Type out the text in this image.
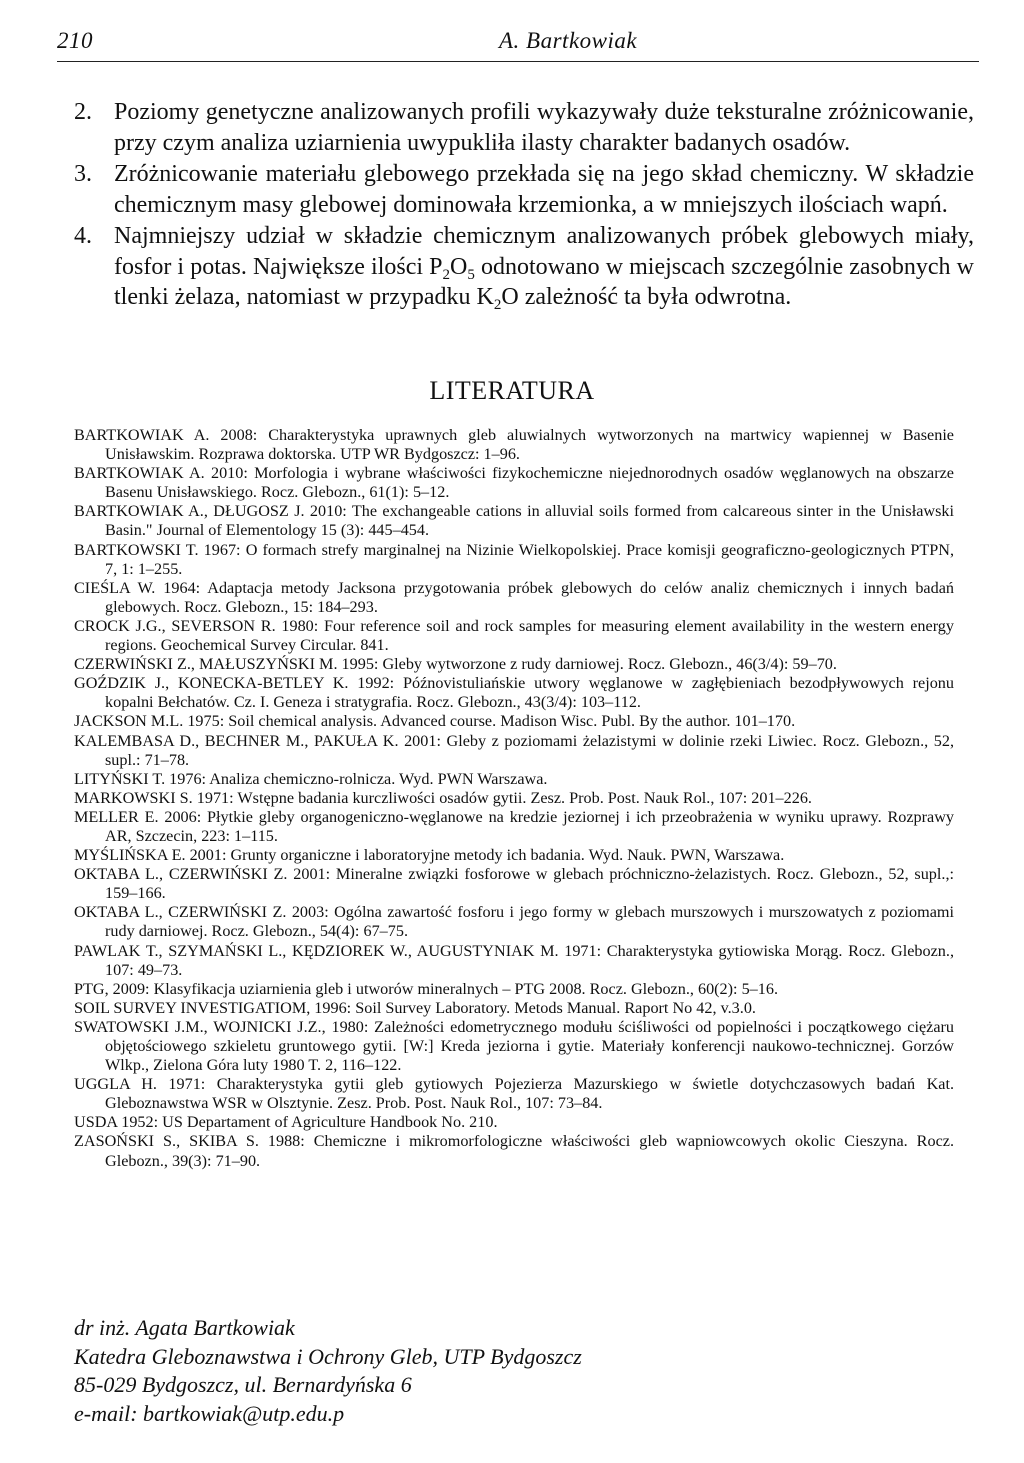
210	A. Bartkowiak
2. Poziomy genetyczne analizowanych profili wykazywały duże teksturalne zróżnicowanie, przy czym analiza uziarnienia uwypukliła ilasty charakter badanych osadów.
3. Zróżnicowanie materiału glebowego przekłada się na jego skład chemiczny. W składzie chemicznym masy glebowej dominowała krzemionka, a w mniejszych ilościach wapń.
4. Najmniejszy udział w składzie chemicznym analizowanych próbek glebowych miały, fosfor i potas. Największe ilości $P_2O_5$ odnotowano w miejscach szczególnie zasobnych w tlenki żelaza, natomiast w przypadku $K_2O$ zależność ta była odwrotna.
LITERATURA
BARTKOWIAK A. 2008: Charakterystyka uprawnych gleb aluwialnych wytworzonych na martwicy wapiennej w Basenie Unisławskim. Rozprawa doktorska. UTP WR Bydgoszcz: 1–96.
BARTKOWIAK A. 2010: Morfologia i wybrane właściwości fizykochemiczne niejednorodnych osadów węglanowych na obszarze Basenu Unisławskiego. Rocz. Glebozn., 61(1): 5–12.
BARTKOWIAK A., DŁUGOSZ J. 2010: The exchangeable cations in alluvial soils formed from calcareous sinter in the Unisławski Basin." Journal of Elementology 15 (3): 445–454.
BARTKOWSKI T. 1967: O formach strefy marginalnej na Nizinie Wielkopolskiej. Prace komisji geograficzno-geologicznych PTPN, 7, 1: 1–255.
CIEŚLA W. 1964: Adaptacja metody Jacksona przygotowania próbek glebowych do celów analiz chemicznych i innych badań glebowych. Rocz. Glebozn., 15: 184–293.
CROCK J.G., SEVERSON R. 1980: Four reference soil and rock samples for measuring element availability in the western energy regions. Geochemical Survey Circular. 841.
CZERWIŃSKI Z., MAŁUSZYŃSKI M. 1995: Gleby wytworzone z rudy darniowej. Rocz. Glebozn., 46(3/4): 59–70.
GOŹDZIK J., KONECKA-BETLEY K. 1992: Późnovistuliańskie utwory węglanowe w zagłębieniach bezodpływowych rejonu kopalni Bełchatów. Cz. I. Geneza i stratygrafia. Rocz. Glebozn., 43(3/4): 103–112.
JACKSON M.L. 1975: Soil chemical analysis. Advanced course. Madison Wisc. Publ. By the author. 101–170.
KALEMBASA D., BECHNER M., PAKUŁA K. 2001: Gleby z poziomami żelazistymi w dolinie rzeki Liwiec. Rocz. Glebozn., 52, supl.: 71–78.
LITYŃSKI T. 1976: Analiza chemiczno-rolnicza. Wyd. PWN Warszawa.
MARKOWSKI S. 1971: Wstępne badania kurczliwości osadów gytii. Zesz. Prob. Post. Nauk Rol., 107: 201–226.
MELLER E. 2006: Płytkie gleby organogeniczno-węglanowe na kredzie jeziornej i ich przeobrażenia w wyniku uprawy. Rozprawy AR, Szczecin, 223: 1–115.
MYŚLIŃSKA E. 2001: Grunty organiczne i laboratoryjne metody ich badania. Wyd. Nauk. PWN, Warszawa.
OKTABA L., CZERWIŃSKI Z. 2001: Mineralne związki fosforowe w glebach próchniczno-żelazistych. Rocz. Glebozn., 52, supl.,: 159–166.
OKTABA L., CZERWIŃSKI Z. 2003: Ogólna zawartość fosforu i jego formy w glebach murszowych i murszowatych z poziomami rudy darniowej. Rocz. Glebozn., 54(4): 67–75.
PAWLAK T., SZYMAŃSKI L., KĘDZIOREK W., AUGUSTYNIAK M. 1971: Charakterystyka gytiowiska Morąg. Rocz. Glebozn., 107: 49–73.
PTG, 2009: Klasyfikacja uziarnienia gleb i utworów mineralnych – PTG 2008. Rocz. Glebozn., 60(2): 5–16.
SOIL SURVEY INVESTIGATIOM, 1996: Soil Survey Laboratory. Metods Manual. Raport No 42, v.3.0.
SWATOWSKI J.M., WOJNICKI J.Z., 1980: Zależności edometrycznego modułu ściśliwości od popielności i początkowego ciężaru objętościowego szkieletu gruntowego gytii. [W:] Kreda jeziorna i gytie. Materiały konferencji naukowo-technicznej. Gorzów Wlkp., Zielona Góra luty 1980 T. 2, 116–122.
UGGLA H. 1971: Charakterystyka gytii gleb gytiowych Pojezierza Mazurskiego w świetle dotychczasowych badań Kat. Gleboznawstwa WSR w Olsztynie. Zesz. Prob. Post. Nauk Rol., 107: 73–84.
USDA 1952: US Departament of Agriculture Handbook No. 210.
ZASOŃSKI S., SKIBA S. 1988: Chemiczne i mikromorfologiczne właściwości gleb wapniowcowych okolic Cieszyna. Rocz. Glebozn., 39(3): 71–90.
dr inż. Agata Bartkowiak
Katedra Gleboznawstwa i Ochrony Gleb, UTP Bydgoszcz
85-029 Bydgoszcz, ul. Bernardyńska 6
e-mail: bartkowiak@utp.edu.p
